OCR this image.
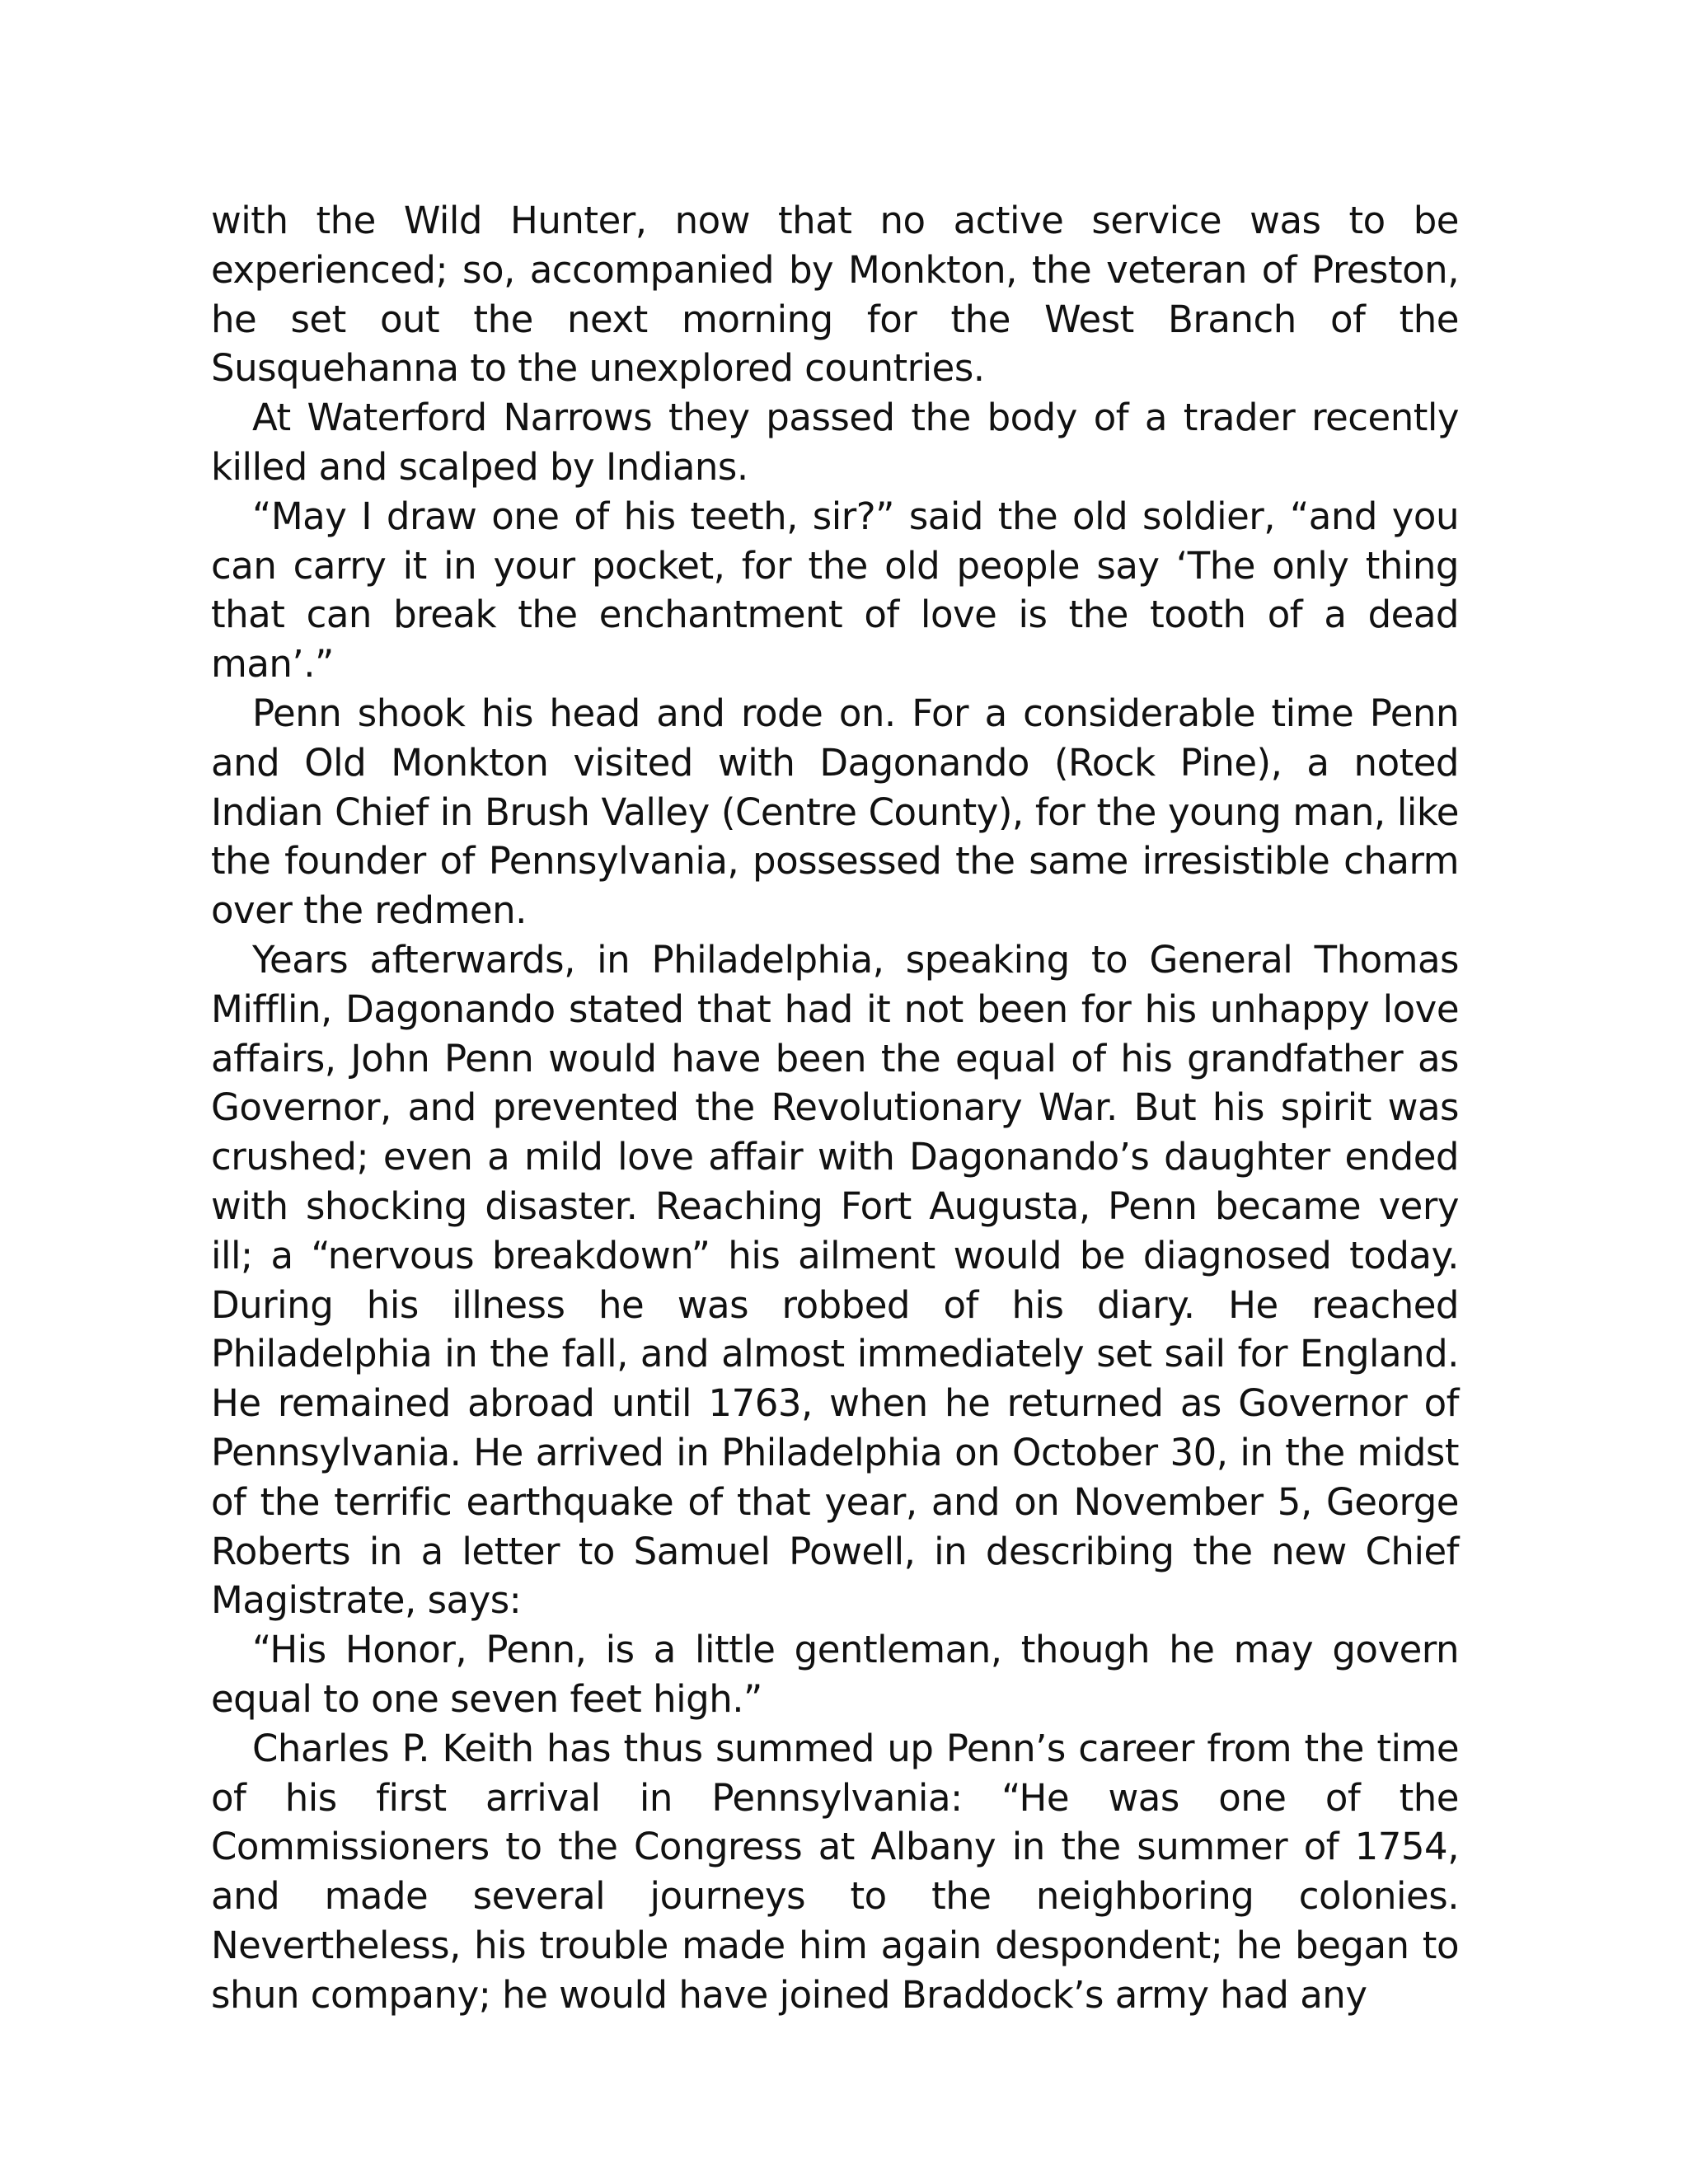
with the Wild Hunter, now that no active service was to be experienced; so, accompanied by Monkton, the veteran of Preston, he set out the next morning for the West Branch of the Susquehanna to the unexplored countries.

At Waterford Narrows they passed the body of a trader recently killed and scalped by Indians.

“May I draw one of his teeth, sir?” said the old soldier, “and you can carry it in your pocket, for the old people say ‘The only thing that can break the enchantment of love is the tooth of a dead man’.”

Penn shook his head and rode on. For a considerable time Penn and Old Monkton visited with Dagonando (Rock Pine), a noted Indian Chief in Brush Valley (Centre County), for the young man, like the founder of Pennsylvania, possessed the same irresistible charm over the redmen.

Years afterwards, in Philadelphia, speaking to General Thomas Mifflin, Dagonando stated that had it not been for his unhappy love affairs, John Penn would have been the equal of his grandfather as Governor, and prevented the Revolutionary War. But his spirit was crushed; even a mild love affair with Dagonando’s daughter ended with shocking disaster. Reaching Fort Augusta, Penn became very ill; a “nervous breakdown” his ailment would be diagnosed today. During his illness he was robbed of his diary. He reached Philadelphia in the fall, and almost immediately set sail for England. He remained abroad until 1763, when he returned as Governor of Pennsylvania. He arrived in Philadelphia on October 30, in the midst of the terrific earthquake of that year, and on November 5, George Roberts in a letter to Samuel Powell, in describing the new Chief Magistrate, says:

“His Honor, Penn, is a little gentleman, though he may govern equal to one seven feet high.”

Charles P. Keith has thus summed up Penn’s career from the time of his first arrival in Pennsylvania: “He was one of the Commissioners to the Congress at Albany in the summer of 1754, and made several journeys to the neighboring colonies. Nevertheless, his trouble made him again despondent; he began to shun company; he would have joined Braddock’s army had any
